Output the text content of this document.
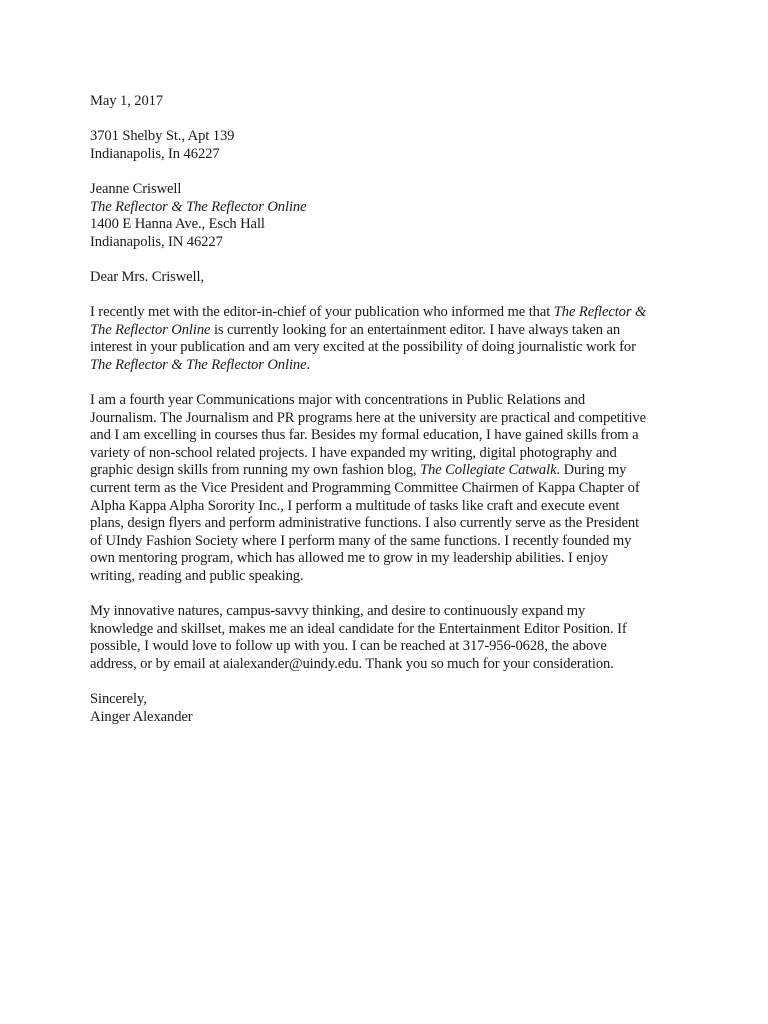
May 1, 2017
3701 Shelby St., Apt 139
Indianapolis, In 46227
Jeanne Criswell
The Reflector & The Reflector Online
1400 E Hanna Ave., Esch Hall
Indianapolis, IN 46227
Dear Mrs. Criswell,
I recently met with the editor-in-chief of your publication who informed me that The Reflector &
The Reflector Online is currently looking for an entertainment editor. I have always taken an
interest in your publication and am very excited at the possibility of doing journalistic work for
The Reflector & The Reflector Online.
I am a fourth year Communications major with concentrations in Public Relations and
Journalism. The Journalism and PR programs here at the university are practical and competitive
and I am excelling in courses thus far. Besides my formal education, I have gained skills from a
variety of non-school related projects. I have expanded my writing, digital photography and
graphic design skills from running my own fashion blog, The Collegiate Catwalk. During my
current term as the Vice President and Programming Committee Chairmen of Kappa Chapter of
Alpha Kappa Alpha Sorority Inc., I perform a multitude of tasks like craft and execute event
plans, design flyers and perform administrative functions. I also currently serve as the President
of UIndy Fashion Society where I perform many of the same functions. I recently founded my
own mentoring program, which has allowed me to grow in my leadership abilities. I enjoy
writing, reading and public speaking.
My innovative natures, campus-savvy thinking, and desire to continuously expand my
knowledge and skillset, makes me an ideal candidate for the Entertainment Editor Position. If
possible, I would love to follow up with you. I can be reached at 317-956-0628, the above
address, or by email at aialexander@uindy.edu. Thank you so much for your consideration.
Sincerely,
Ainger Alexander
